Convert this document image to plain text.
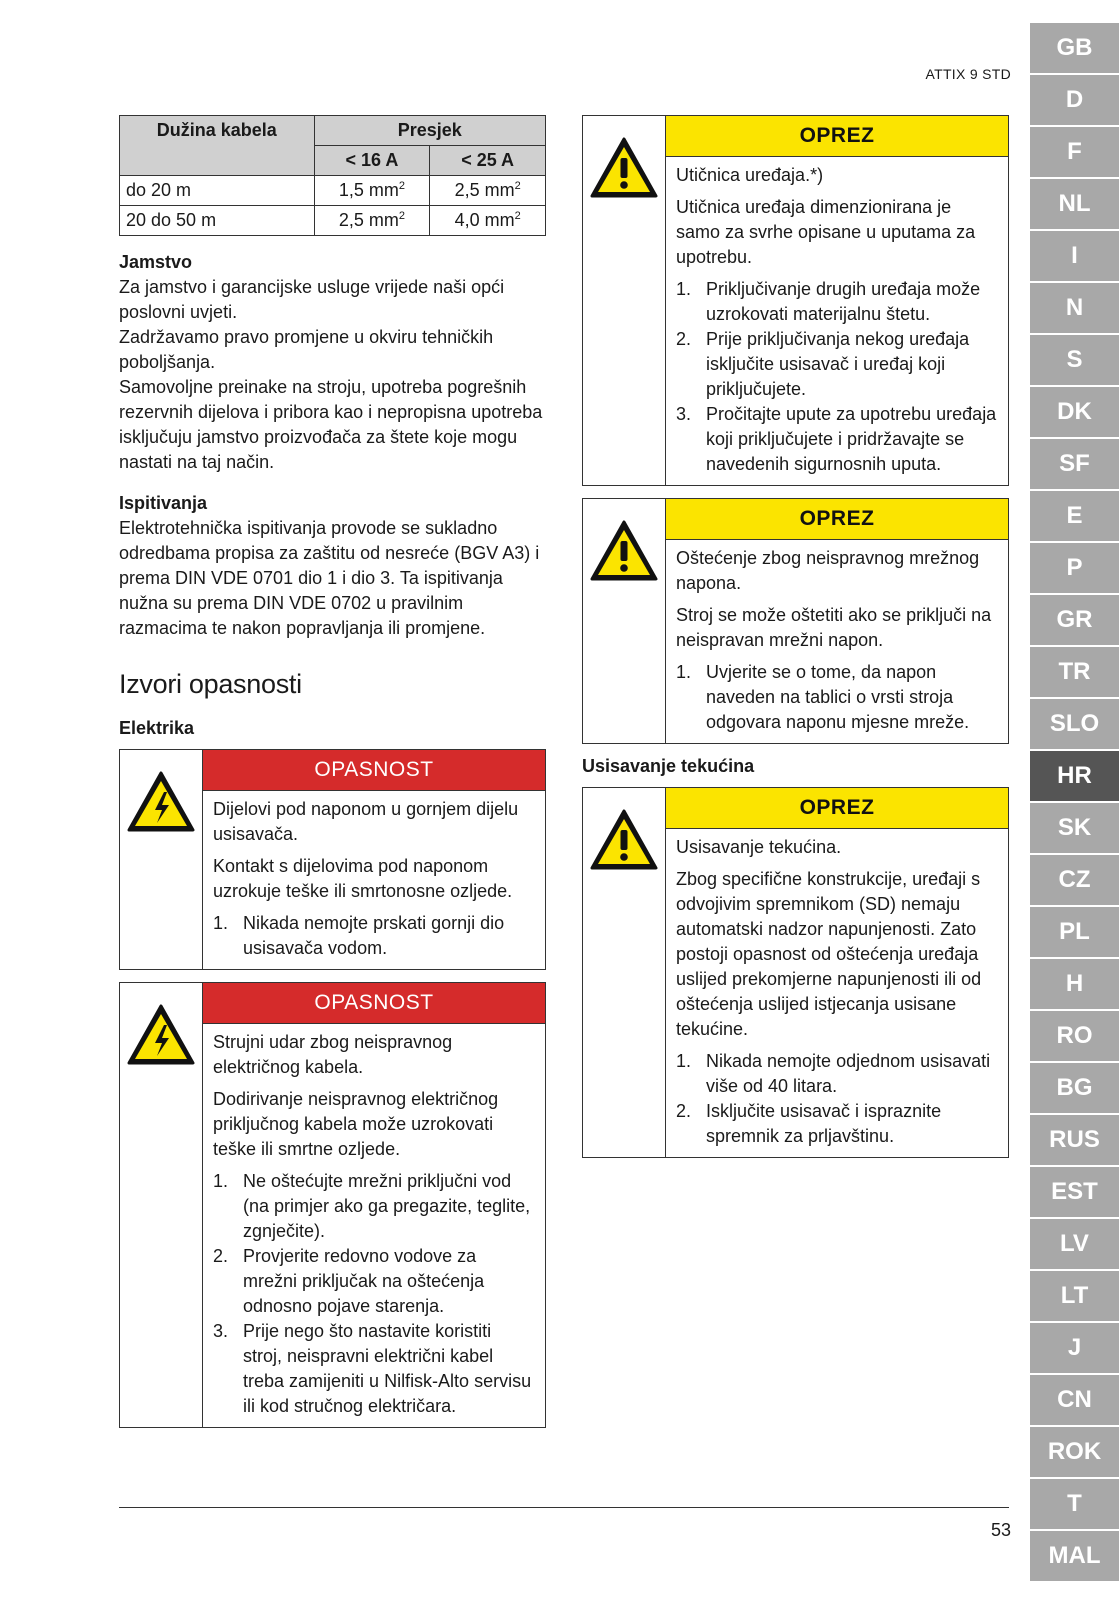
ATTIX 9 STD
GB
D
F
NL
I
N
S
DK
SF
E
P
GR
TR
SLO
HR
SK
CZ
PL
H
RO
BG
RUS
EST
LV
LT
J
CN
ROK
T
MAL
Dužina kabela	Presjek	
	< 16 A	< 25 A
do 20 m	1,5 $mm^2$	2,5 $mm^2$
20 do 50 m	2,5 $mm^2$	4,0 $mm^2$
Jamstvo
Za jamstvo i garancijske usluge vrijede naši opći poslovni uvjeti.
Zadržavamo pravo promjene u okviru tehničkih poboljšanja.
Samovoljne preinake na stroju, upotreba pogrešnih rezervnih dijelova i pribora kao i nepropisna upotreba isključuju jamstvo proizvođača za štete koje mogu nastati na taj način.
Ispitivanja
Elektrotehnička ispitivanja provode se sukladno odredbama propisa za zaštitu od nesreće (BGV A3) i prema DIN VDE 0701 dio 1 i dio 3. Ta ispitivanja nužna su prema DIN VDE 0702 u pravilnim razmacima te nakon popravljanja ili promjene.
Izvori opasnosti
Elektrika
OPASNOST

Dijelovi pod naponom u gornjem dijelu usisavača.

Kontakt s dijelovima pod naponom uzrokuje teške ili smrtonosne ozljede.

1. Nikada nemojte prskati gornji dio usisavača vodom.
OPASNOST

Strujni udar zbog neispravnog električnog kabela.

Dodirivanje neispravnog električnog priključnog kabela može uzrokovati teške ili smrtne ozljede.

1. Ne oštećujte mrežni priključni vod (na primjer ako ga pregazite, teglite, zgnječite).
2. Provjerite redovno vodove za mrežni priključak na oštećenja odnosno pojave starenja.
3. Prije nego što nastavite koristiti stroj, neispravni električni kabel treba zamijeniti u Nilfisk-Alto servisu ili kod stručnog električara.
OPREZ

Utičnica uređaja.*)

Utičnica uređaja dimenzionirana je samo za svrhe opisane u uputama za upotrebu.

1. Priključivanje drugih uređaja može uzrokovati materijalnu štetu.
2. Prije priključivanja nekog uređaja isključite usisavač i uređaj koji priključujete.
3. Pročitajte upute za upotrebu uređaja koji priključujete i pridržavajte se navedenih sigurnosnih uputa.
OPREZ

Oštećenje zbog neispravnog mrežnog napona.

Stroj se može oštetiti ako se priključi na neispravan mrežni napon.

1. Uvjerite se o tome, da napon naveden na tablici o vrsti stroja odgovara naponu mjesne mreže.
Usisavanje tekućina
OPREZ

Usisavanje tekućina.

Zbog specifične konstrukcije, uređaji s odvojivim spremnikom (SD) nemaju automatski nadzor napunjenosti. Zato postoji opasnost od oštećenja uređaja uslijed prekomjerne napunjenosti ili od oštećenja uslijed istjecanja usisane tekućine.

1. Nikada nemojte odjednom usisavati više od 40 litara.
2. Isključite usisavač i ispraznite spremnik za prljavštinu.
53
